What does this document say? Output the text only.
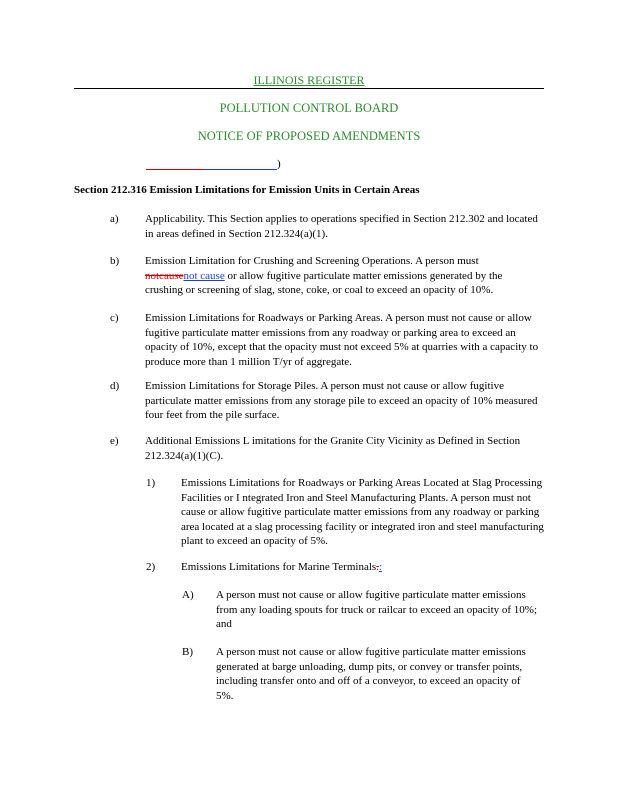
ILLINOIS REGISTER
POLLUTION CONTROL BOARD
NOTICE OF PROPOSED AMENDMENTS
)
Section 212.316 Emission Limitations for Emission Units in Certain Areas
a) Applicability. This Section applies to operations specified in Section 212.302 and located in areas defined in Section 212.324(a)(1).
b) Emission Limitation for Crushing and Screening Operations. A person must
notcausenot cause or allow fugitive particulate matter emissions generated by the
crushing or screening of slag, stone, coke, or coal to exceed an opacity of 10%.
c) Emission Limitations for Roadways or Parking Areas. A person must not cause or allow fugitive particulate matter emissions from any roadway or parking area to exceed an opacity of 10%, except that the opacity must not exceed 5% at quarries with a capacity to produce more than 1 million T/yr of aggregate.
d) Emission Limitations for Storage Piles. A person must not cause or allow fugitive particulate matter emissions from any storage pile to exceed an opacity of 10% measured four feet from the pile surface.
e) Additional Emissions L imitations for the Granite City Vicinity as Defined in Section 212.324(a)(1)(C).
1) Emissions Limitations for Roadways or Parking Areas Located at Slag Processing Facilities or I ntegrated Iron and Steel Manufacturing Plants. A person must not cause or allow fugitive particulate matter emissions from any roadway or parking area located at a slag processing facility or integrated iron and steel manufacturing plant to exceed an opacity of 5%.
2) Emissions Limitations for Marine Terminals.:
A) A person must not cause or allow fugitive particulate matter emissions from any loading spouts for truck or railcar to exceed an opacity of 10%; and
B) A person must not cause or allow fugitive particulate matter emissions generated at barge unloading, dump pits, or convey or transfer points, including transfer onto and off of a conveyor, to exceed an opacity of 5%.
